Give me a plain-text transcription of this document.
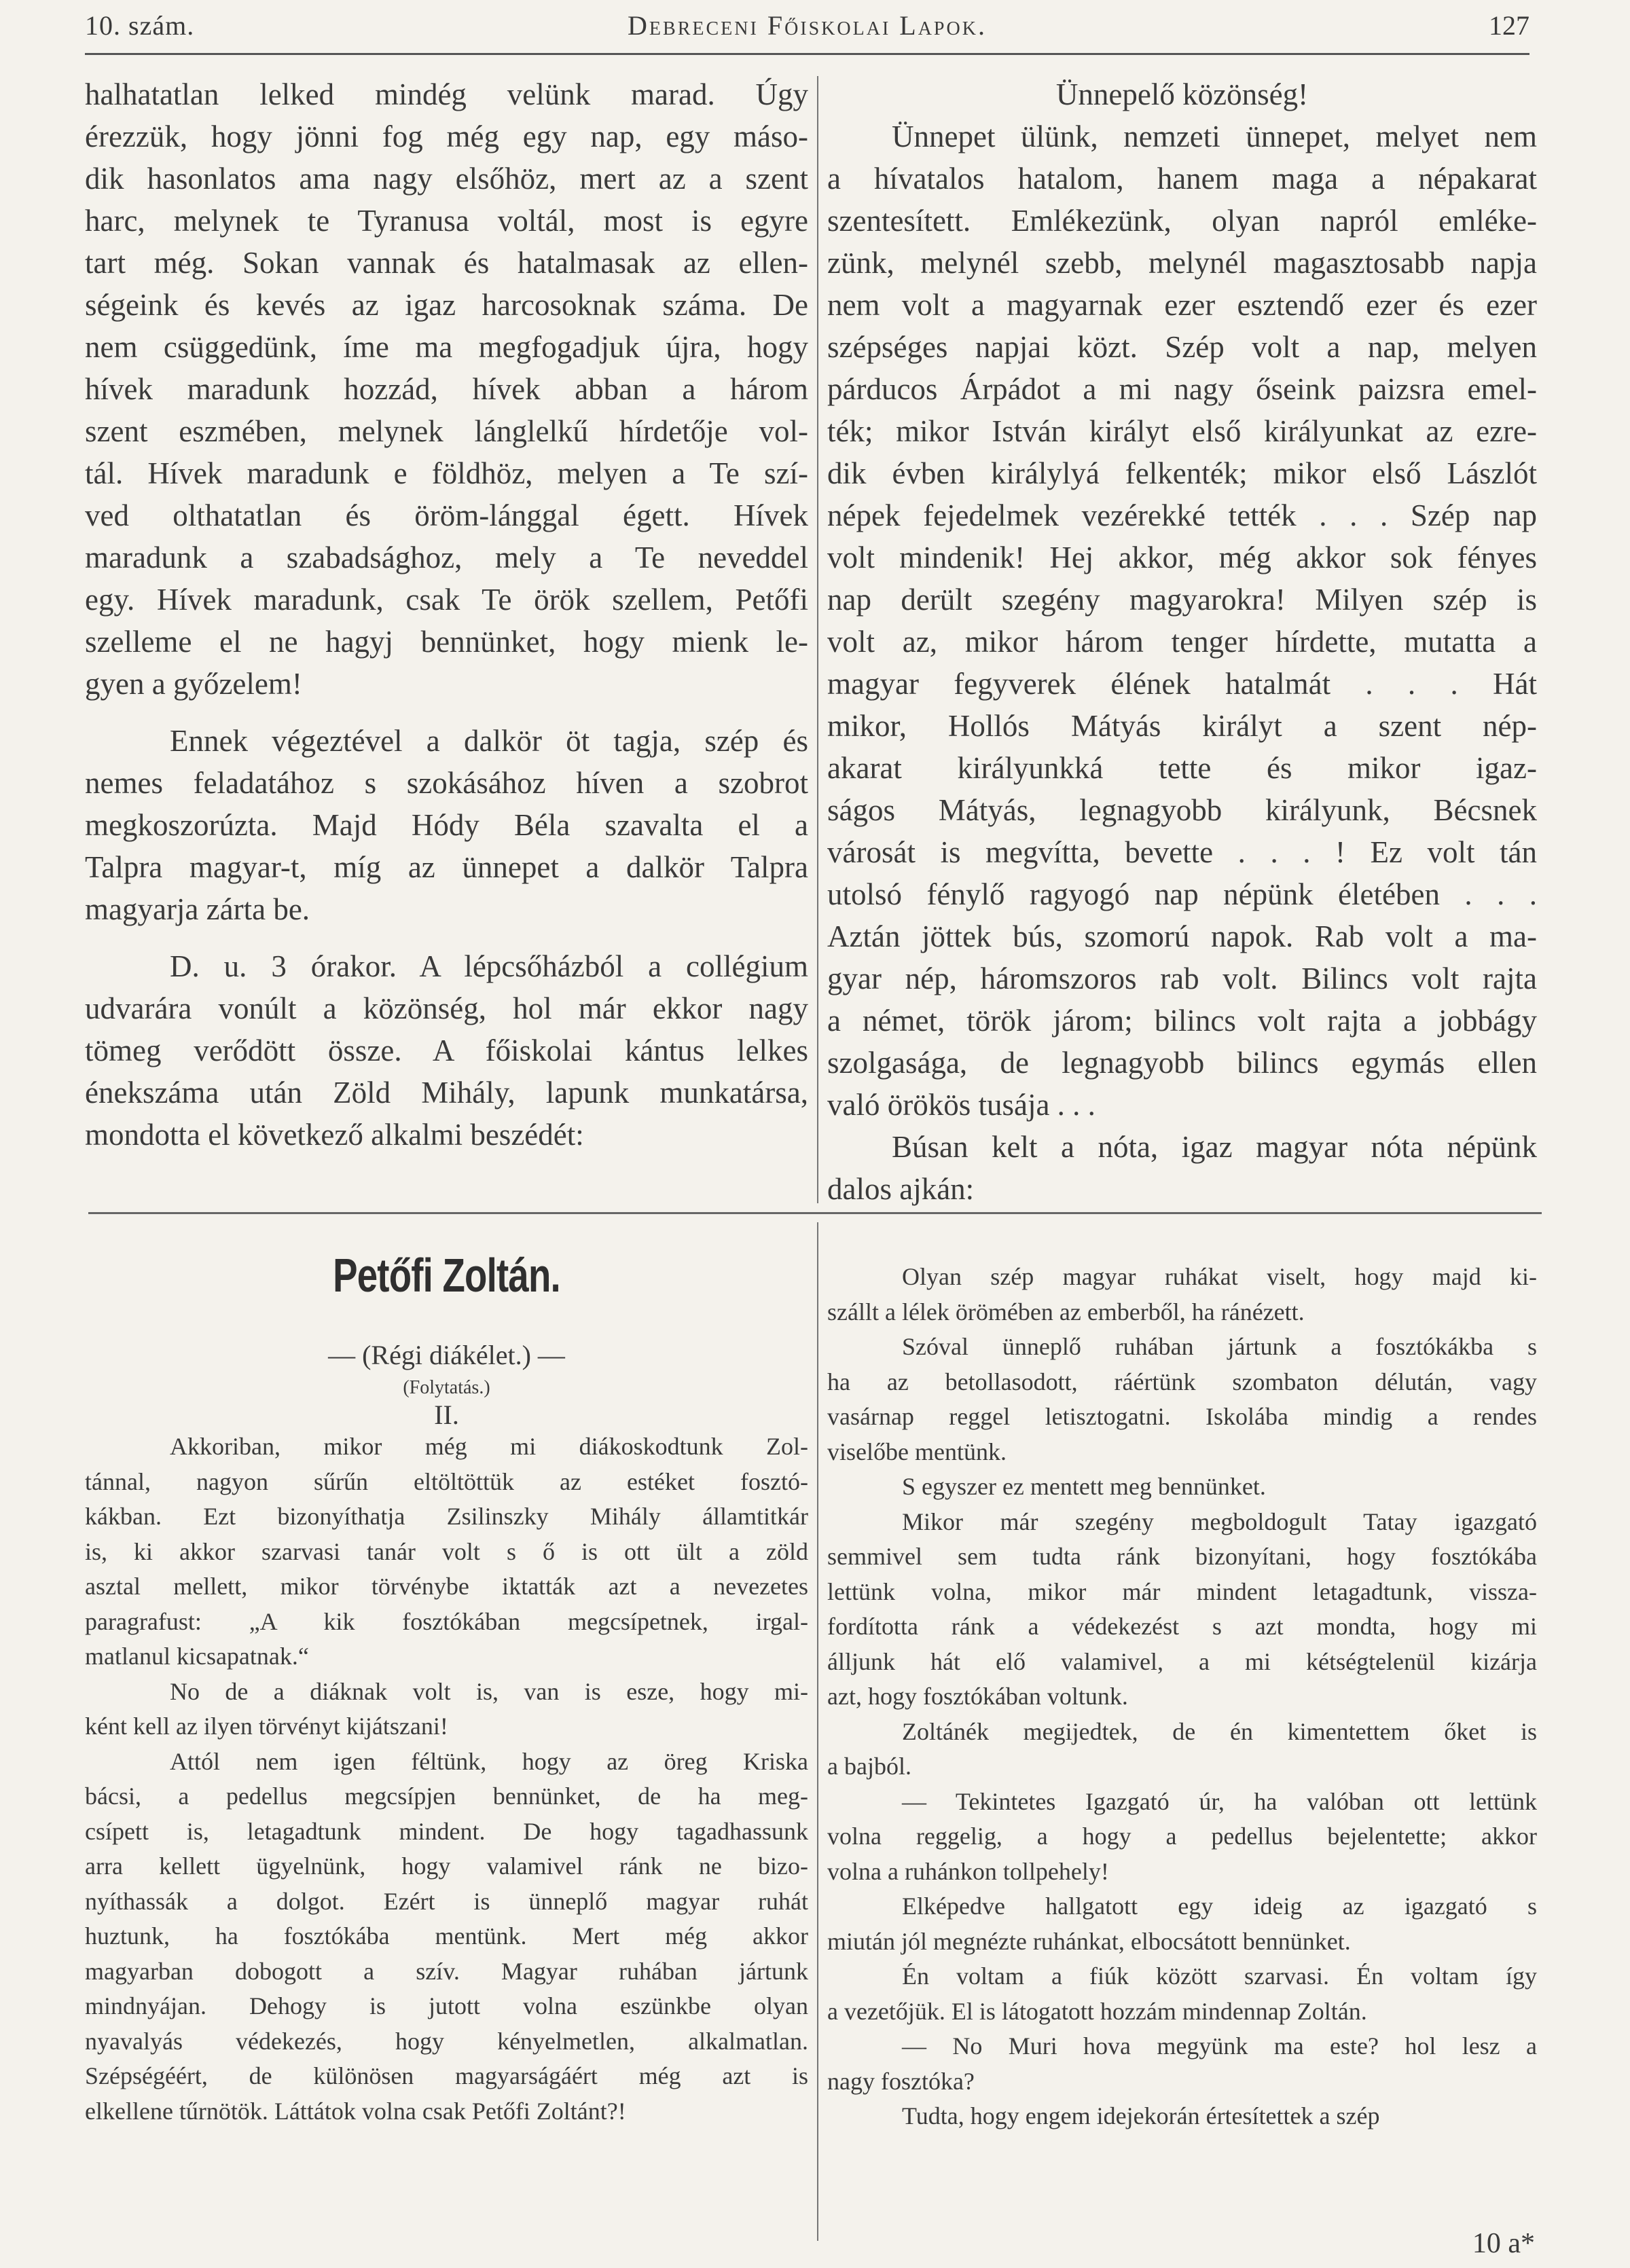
10. szám.	Debreceni Főiskolai Lapok.	127

halhatatlan lelked mindég velünk marad. Úgy
érezzük, hogy jönni fog még egy nap, egy máso-
dik hasonlatos ama nagy elsőhöz, mert az a szent
harc, melynek te Tyranusa voltál, most is egyre
tart még. Sokan vannak és hatalmasak az ellen-
ségeink és kevés az igaz harcosoknak száma. De
nem csüggedünk, íme ma megfogadjuk újra, hogy
hívek maradunk hozzád, hívek abban a három
szent eszmében, melynek lánglelkű hírdetője vol-
tál. Hívek maradunk e földhöz, melyen a Te szí-
ved olthatatlan és öröm-lánggal égett. Hívek
maradunk a szabadsághoz, mely a Te neveddel
egy. Hívek maradunk, csak Te örök szellem, Petőfi
szelleme el ne hagyj bennünket, hogy mienk le-
gyen a győzelem!

Ennek végeztével a dalkör öt tagja, szép és
nemes feladatához s szokásához híven a szobrot
megkoszorúzta. Majd Hódy Béla szavalta el a
Talpra magyar-t, míg az ünnepet a dalkör Talpra
magyarja zárta be.

D. u. 3 órakor. A lépcsőházból a collégium
udvarára vonúlt a közönség, hol már ekkor nagy
tömeg verődött össze. A főiskolai kántus lelkes
énekszáma után Zöld Mihály, lapunk munkatársa,
mondotta el következő alkalmi beszédét:

Ünnepelő közönség!

Ünnepet ülünk, nemzeti ünnepet, melyet nem
a hívatalos hatalom, hanem maga a népakarat
szentesített. Emlékezünk, olyan napról emléke-
zünk, melynél szebb, melynél magasztosabb napja
nem volt a magyarnak ezer esztendő ezer és ezer
szépséges napjai közt. Szép volt a nap, melyen
párducos Árpádot a mi nagy őseink paizsra emel-
ték; mikor István királyt első királyunkat az ezre-
dik évben királylyá felkenték; mikor első Lászlót
népek fejedelmek vezérekké tették . . . Szép nap
volt mindenik! Hej akkor, még akkor sok fényes
nap derült szegény magyarokra! Milyen szép is
volt az, mikor három tenger hírdette, mutatta a
magyar fegyverek élének hatalmát . . . Hát
mikor, Hollós Mátyás királyt a szent nép-
akarat királyunkká tette és mikor igaz-
ságos Mátyás, legnagyobb királyunk, Bécsnek
városát is megvítta, bevette . . . ! Ez volt tán
utolsó fénylő ragyogó nap népünk életében . . .
Aztán jöttek bús, szomorú napok. Rab volt a ma-
gyar nép, háromszoros rab volt. Bilincs volt rajta
a német, török járom; bilincs volt rajta a jobbágy
szolgasága, de legnagyobb bilincs egymás ellen
való örökös tusája . . .

Búsan kelt a nóta, igaz magyar nóta népünk
dalos ajkán:

Petőfi Zoltán.
— (Régi diákélet.) —
(Folytatás.)
II.

Akkoriban, mikor még mi diákoskodtunk Zol-
tánnal, nagyon sűrűn eltöltöttük az estéket fosztó-
kákban. Ezt bizonyíthatja Zsilinszky Mihály államtitkár
is, ki akkor szarvasi tanár volt s ő is ott ült a zöld
asztal mellett, mikor törvénybe iktatták azt a nevezetes
paragrafust: „A kik fosztókában megcsípetnek, irgal-
matlanul kicsapatnak.“

No de a diáknak volt is, van is esze, hogy mi-
ként kell az ilyen törvényt kijátszani!

Attól nem igen féltünk, hogy az öreg Kriska
bácsi, a pedellus megcsípjen bennünket, de ha meg-
csípett is, letagadtunk mindent. De hogy tagadhassunk
arra kellett ügyelnünk, hogy valamivel ránk ne bizo-
nyíthassák a dolgot. Ezért is ünneplő magyar ruhát
huztunk, ha fosztókába mentünk. Mert még akkor
magyarban dobogott a szív. Magyar ruhában jártunk
mindnyájan. Dehogy is jutott volna eszünkbe olyan
nyavalyás védekezés, hogy kényelmetlen, alkalmatlan.
Szépségéért, de különösen magyarságáért még azt is
elkellene tűrnötök. Láttátok volna csak Petőfi Zoltánt?!

Olyan szép magyar ruhákat viselt, hogy majd ki-
szállt a lélek örömében az emberből, ha ránézett.

Szóval ünneplő ruhában jártunk a fosztókákba s
ha az betollasodott, ráértünk szombaton délután, vagy
vasárnap reggel letisztogatni. Iskolába mindig a rendes
viselőbe mentünk.

S egyszer ez mentett meg bennünket.

Mikor már szegény megboldogult Tatay igazgató
semmivel sem tudta ránk bizonyítani, hogy fosztókába
lettünk volna, mikor már mindent letagadtunk, vissza-
fordította ránk a védekezést s azt mondta, hogy mi
álljunk hát elő valamivel, a mi kétségtelenül kizárja
azt, hogy fosztókában voltunk.

Zoltánék megijedtek, de én kimentettem őket is
a bajból.

— Tekintetes Igazgató úr, ha valóban ott lettünk
volna reggelig, a hogy a pedellus bejelentette; akkor
volna a ruhánkon tollpehely!

Elképedve hallgatott egy ideig az igazgató s
miután jól megnézte ruhánkat, elbocsátott bennünket.

Én voltam a fiúk között szarvasi. Én voltam így
a vezetőjük. El is látogatott hozzám mindennap Zoltán.

— No Muri hova megyünk ma este? hol lesz a
nagy fosztóka?

Tudta, hogy engem idejekorán értesítettek a szép

10 a*
